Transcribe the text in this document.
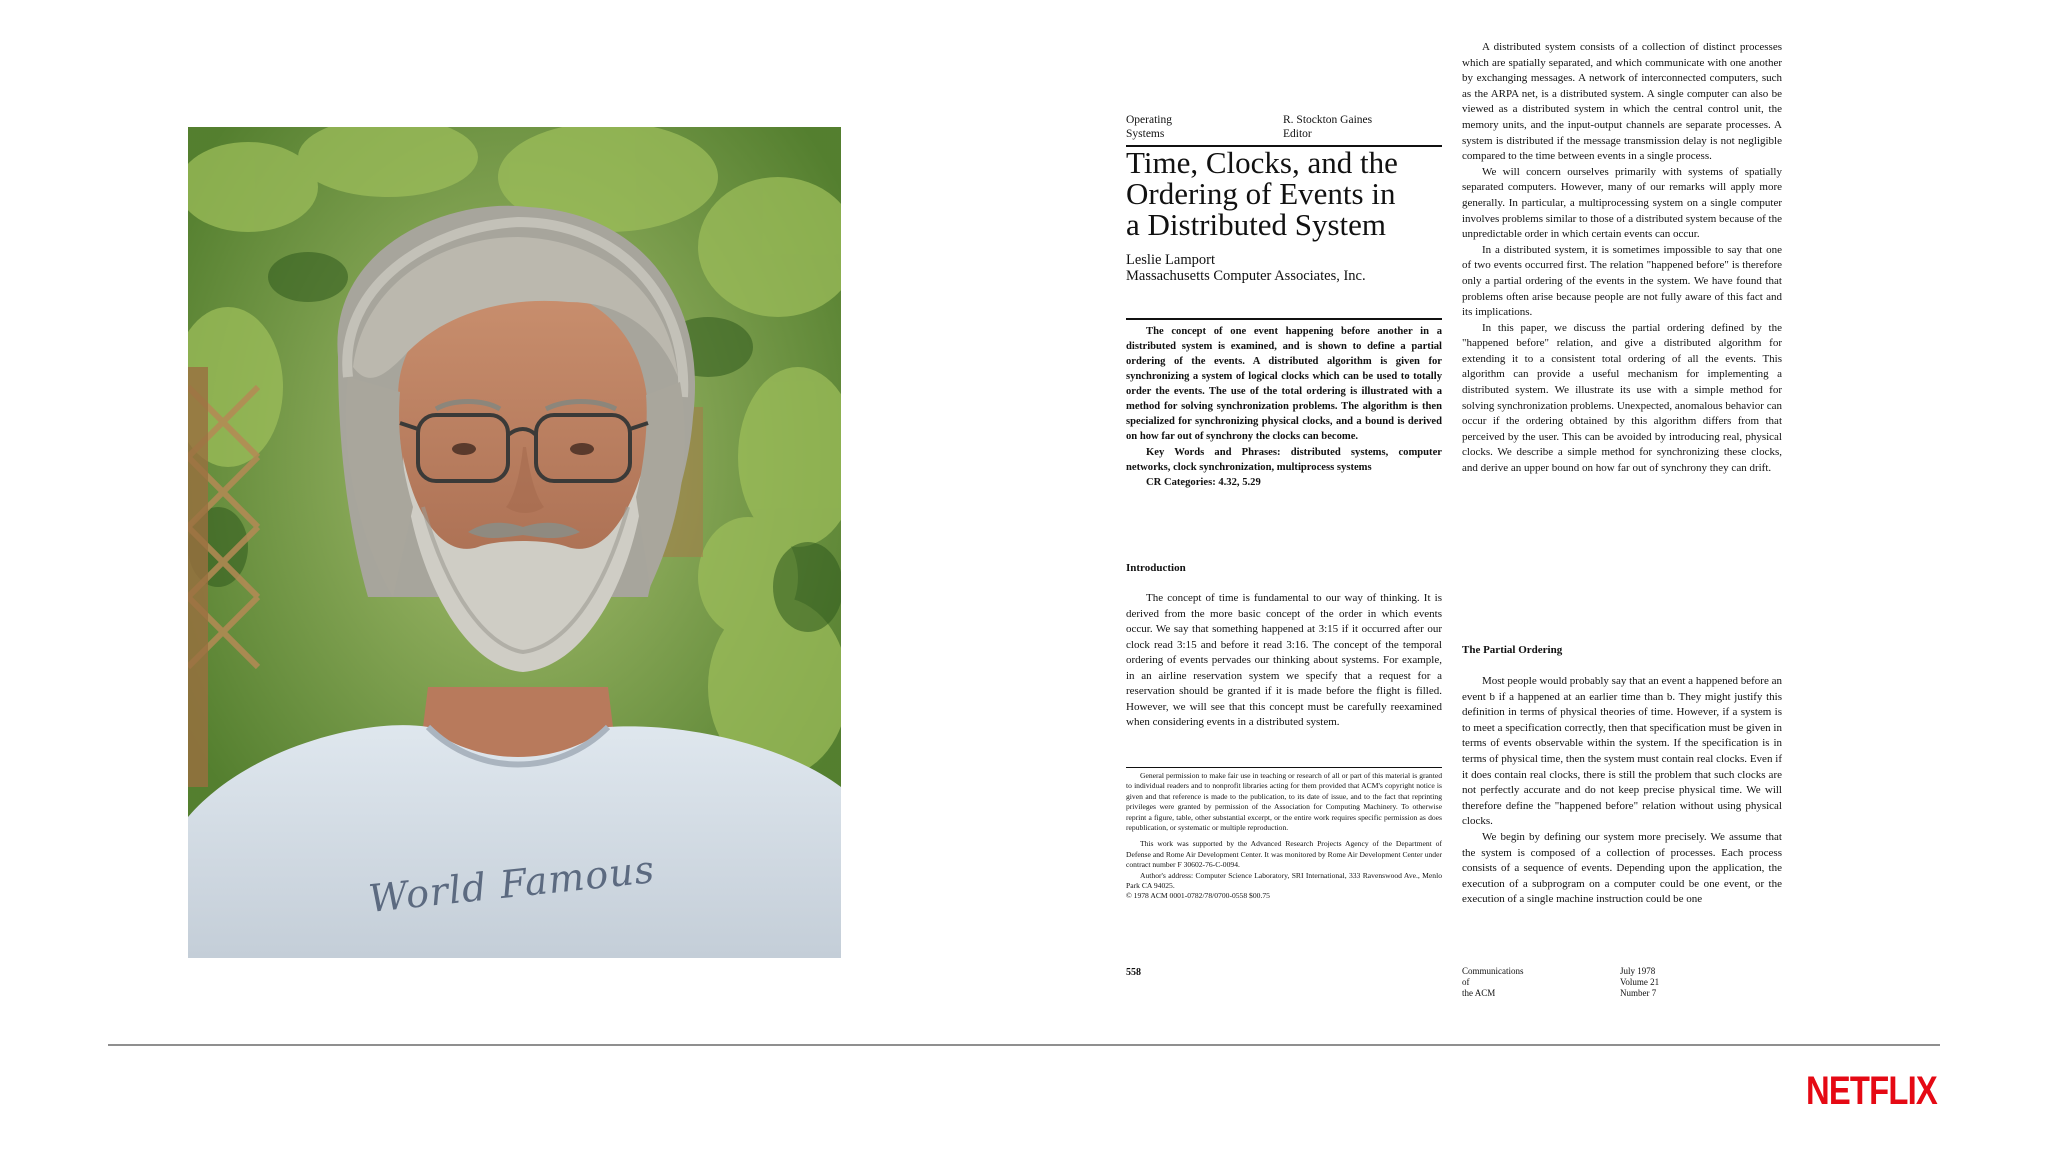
World Famous
Operating
Systems
R. Stockton Gaines
Editor
Time, Clocks, and the
Ordering of Events in
a Distributed System
Leslie Lamport
Massachusetts Computer Associates, Inc.

The concept of one event happening before another in a distributed system is examined, and is shown to define a partial ordering of the events. A distributed algorithm is given for synchronizing a system of logical clocks which can be used to totally order the events. The use of the total ordering is illustrated with a method for solving synchronization problems. The algorithm is then specialized for synchronizing physical clocks, and a bound is derived on how far out of synchrony the clocks can become.

Key Words and Phrases: distributed systems, computer networks, clock synchronization, multiprocess systems

CR Categories: 4.32, 5.29

Introduction

The concept of time is fundamental to our way of thinking. It is derived from the more basic concept of the order in which events occur. We say that something happened at 3:15 if it occurred after our clock read 3:15 and before it read 3:16. The concept of the temporal ordering of events pervades our thinking about systems. For example, in an airline reservation system we specify that a request for a reservation should be granted if it is made before the flight is filled. However, we will see that this concept must be carefully reexamined when considering events in a distributed system.

General permission to make fair use in teaching or research of all or part of this material is granted to individual readers and to nonprofit libraries acting for them provided that ACM's copyright notice is given and that reference is made to the publication, to its date of issue, and to the fact that reprinting privileges were granted by permission of the Association for Computing Machinery. To otherwise reprint a figure, table, other substantial excerpt, or the entire work requires specific permission as does republication, or systematic or multiple reproduction.

This work was supported by the Advanced Research Projects Agency of the Department of Defense and Rome Air Development Center. It was monitored by Rome Air Development Center under contract number F 30602-76-C-0094.

Author's address: Computer Science Laboratory, SRI International, 333 Ravenswood Ave., Menlo Park CA 94025.

© 1978 ACM 0001-0782/78/0700-0558 $00.75

558

A distributed system consists of a collection of distinct processes which are spatially separated, and which communicate with one another by exchanging messages. A network of interconnected computers, such as the ARPA net, is a distributed system. A single computer can also be viewed as a distributed system in which the central control unit, the memory units, and the input-output channels are separate processes. A system is distributed if the message transmission delay is not negligible compared to the time between events in a single process.

We will concern ourselves primarily with systems of spatially separated computers. However, many of our remarks will apply more generally. In particular, a multiprocessing system on a single computer involves problems similar to those of a distributed system because of the unpredictable order in which certain events can occur.

In a distributed system, it is sometimes impossible to say that one of two events occurred first. The relation "happened before" is therefore only a partial ordering of the events in the system. We have found that problems often arise because people are not fully aware of this fact and its implications.

In this paper, we discuss the partial ordering defined by the "happened before" relation, and give a distributed algorithm for extending it to a consistent total ordering of all the events. This algorithm can provide a useful mechanism for implementing a distributed system. We illustrate its use with a simple method for solving synchronization problems. Unexpected, anomalous behavior can occur if the ordering obtained by this algorithm differs from that perceived by the user. This can be avoided by introducing real, physical clocks. We describe a simple method for synchronizing these clocks, and derive an upper bound on how far out of synchrony they can drift.

The Partial Ordering

Most people would probably say that an event a happened before an event b if a happened at an earlier time than b. They might justify this definition in terms of physical theories of time. However, if a system is to meet a specification correctly, then that specification must be given in terms of events observable within the system. If the specification is in terms of physical time, then the system must contain real clocks. Even if it does contain real clocks, there is still the problem that such clocks are not perfectly accurate and do not keep precise physical time. We will therefore define the "happened before" relation without using physical clocks.

We begin by defining our system more precisely. We assume that the system is composed of a collection of processes. Each process consists of a sequence of events. Depending upon the application, the execution of a subprogram on a computer could be one event, or the execution of a single machine instruction could be one

Communications
of
the ACM
July 1978
Volume 21
Number 7
NETFLIX
